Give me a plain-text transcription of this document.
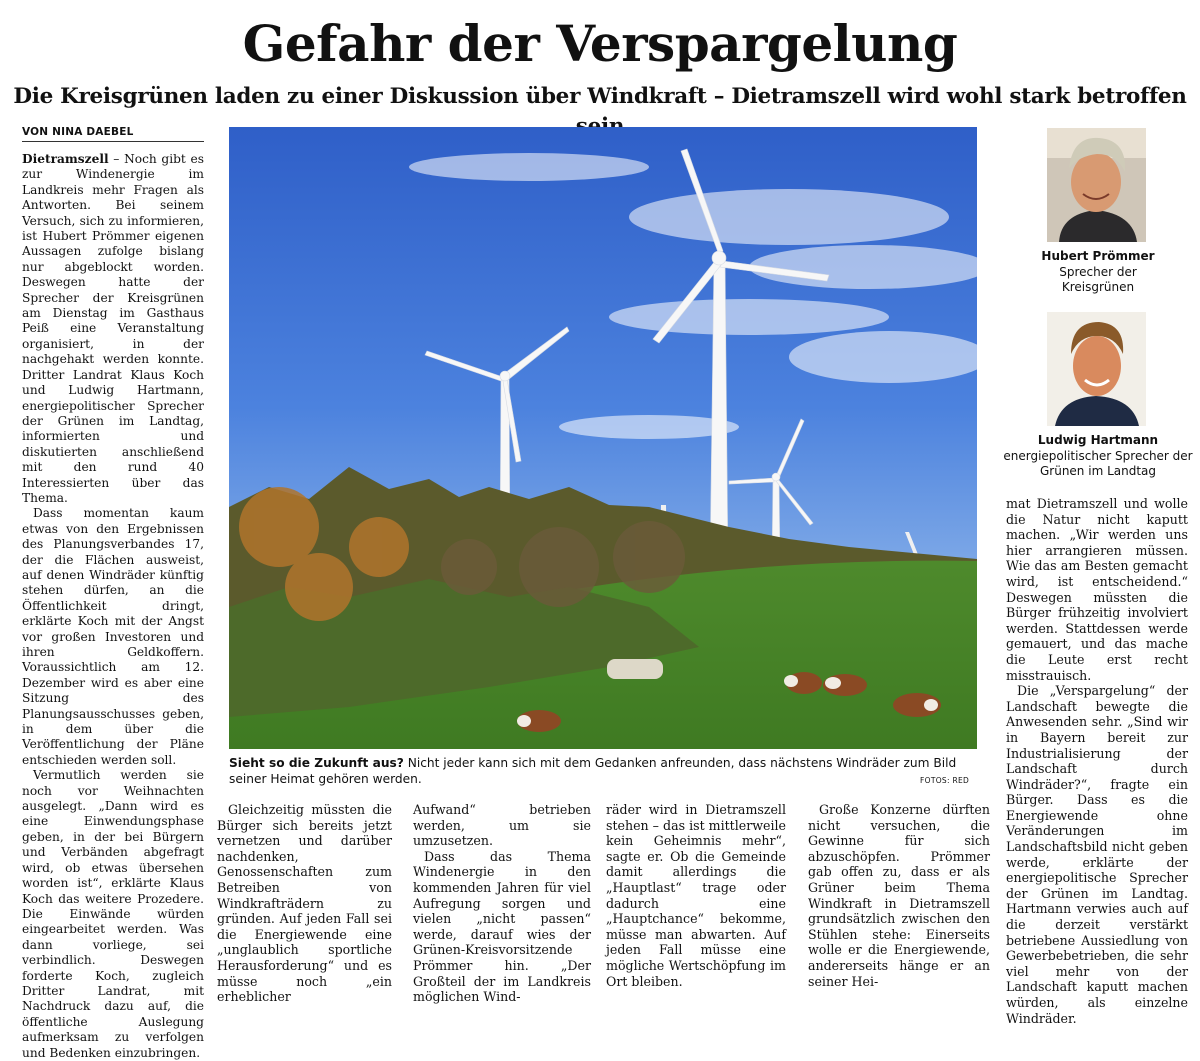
Gefahr der Verspargelung
Die Kreisgrünen laden zu einer Diskussion über Windkraft – Dietramszell wird wohl stark betroffen
VON NINA DAEBEL

Dietramszell – Noch gibt es zur Windenergie im Landkreis mehr Fragen als Antworten. Bei seinem Versuch, sich zu informieren, ist Hubert Prömmer eigenen Aussagen zufolge bislang nur abgeblockt worden. Deswegen hatte der Sprecher der Kreisgrünen am Dienstag im Gasthaus Peiß eine Veranstaltung organisiert, in der nachgehakt werden konnte. Dritter Landrat Klaus Koch und Ludwig Hartmann, energiepolitischer Sprecher der Grünen im Landtag, informierten und diskutierten anschließend mit den rund 40 Interessierten über das Thema.

Dass momentan kaum etwas von den Ergebnissen des Planungsverbandes 17, der die Flächen ausweist, auf denen Windräder künftig stehen dürfen, an die Öffentlichkeit dringt, erklärte Koch mit der Angst vor großen Investoren und ihren Geldkoffern. Voraussichtlich am 12. Dezember wird es aber eine Sitzung des Planungsausschusses geben, in dem über die Veröffentlichung der Pläne entschieden werden soll.

Vermutlich werden sie noch vor Weihnachten ausgelegt. „Dann wird es eine Einwendungsphase geben, in der bei Bürgern und Verbänden abgefragt wird, ob etwas übersehen worden ist“, erklärte Klaus Koch das weitere Prozedere. Die Einwände würden eingearbeitet werden. Was dann vorliege, sei verbindlich. Deswegen forderte Koch, zugleich Dritter Landrat, mit Nachdruck dazu auf, die öffentliche Auslegung aufmerksam zu verfolgen und Bedenken einzubringen.

Sieht so die Zukunft aus? Nicht jeder kann sich mit dem Gedanken anfreunden, dass nächstens Windräder zum Bild seiner Heimat gehören werden.	FOTOS: RED
Hubert Prömmer
Sprecher der Kreisgrünen
Ludwig Hartmann
energiepolitischer Sprecher der Grünen im Landtag

Gleichzeitig müssten die Bürger sich bereits jetzt vernetzen und darüber nachdenken, Genossenschaften zum Betreiben von Windkrafträdern zu gründen. Auf jeden Fall sei die Energiewende eine „unglaublich sportliche Herausforderung“ und es müsse noch „ein erheblicher

Aufwand“ betrieben werden, um sie umzusetzen.

Dass das Thema Windenergie in den kommenden Jahren für viel Aufregung sorgen und vielen „nicht passen“ werde, darauf wies der Grünen-Kreisvorsitzende Prömmer hin. „Der Großteil der im Landkreis möglichen Wind-

räder wird in Dietramszell stehen – das ist mittlerweile kein Geheimnis mehr“, sagte er. Ob die Gemeinde damit allerdings die „Hauptlast“ trage oder dadurch eine „Hauptchance“ bekomme, müsse man abwarten. Auf jeden Fall müsse eine mögliche Wertschöpfung im Ort bleiben.

Große Konzerne dürften nicht versuchen, die Gewinne für sich abzuschöpfen. Prömmer gab offen zu, dass er als Grüner beim Thema Windkraft in Dietramszell grundsätzlich zwischen den Stühlen stehe: Einerseits wolle er die Energiewende, andererseits hänge er an seiner Hei-

mat Dietramszell und wolle die Natur nicht kaputt machen. „Wir werden uns hier arrangieren müssen. Wie das am Besten gemacht wird, ist entscheidend.“ Deswegen müssten die Bürger frühzeitig involviert werden. Stattdessen werde gemauert, und das mache die Leute erst recht misstrauisch.

Die „Verspargelung“ der Landschaft bewegte die Anwesenden sehr. „Sind wir in Bayern bereit zur Industrialisierung der Landschaft durch Windräder?“, fragte ein Bürger. Dass es die Energiewende ohne Veränderungen im Landschaftsbild nicht geben werde, erklärte der energiepolitische Sprecher der Grünen im Landtag. Hartmann verwies auch auf die derzeit verstärkt betriebene Aussiedlung von Gewerbebetrieben, die sehr viel mehr von der Landschaft kaputt machen würden, als einzelne Windräder.
